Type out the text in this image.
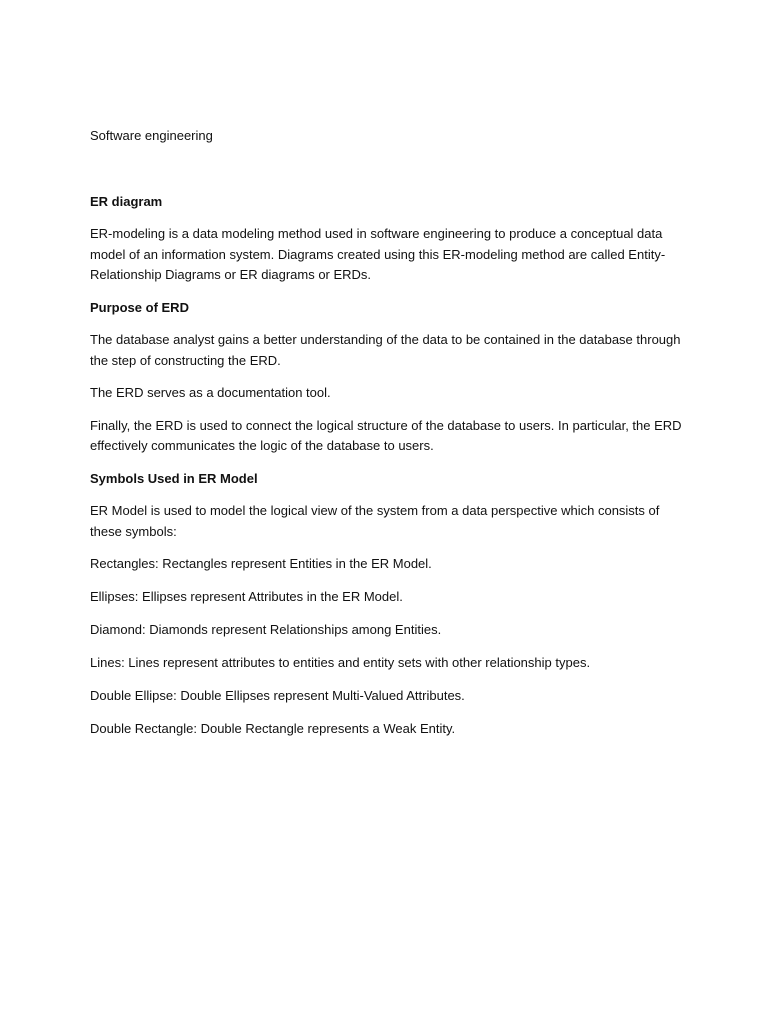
Software engineering

ER diagram

ER-modeling is a data modeling method used in software engineering to produce a conceptual data model of an information system. Diagrams created using this ER-modeling method are called Entity-Relationship Diagrams or ER diagrams or ERDs.

Purpose of ERD

The database analyst gains a better understanding of the data to be contained in the database through the step of constructing the ERD.

The ERD serves as a documentation tool.

Finally, the ERD is used to connect the logical structure of the database to users. In particular, the ERD effectively communicates the logic of the database to users.

Symbols Used in ER Model

ER Model is used to model the logical view of the system from a data perspective which consists of these symbols:

Rectangles: Rectangles represent Entities in the ER Model.

Ellipses: Ellipses represent Attributes in the ER Model.

Diamond: Diamonds represent Relationships among Entities.

Lines: Lines represent attributes to entities and entity sets with other relationship types.

Double Ellipse: Double Ellipses represent Multi-Valued Attributes.

Double Rectangle: Double Rectangle represents a Weak Entity.
